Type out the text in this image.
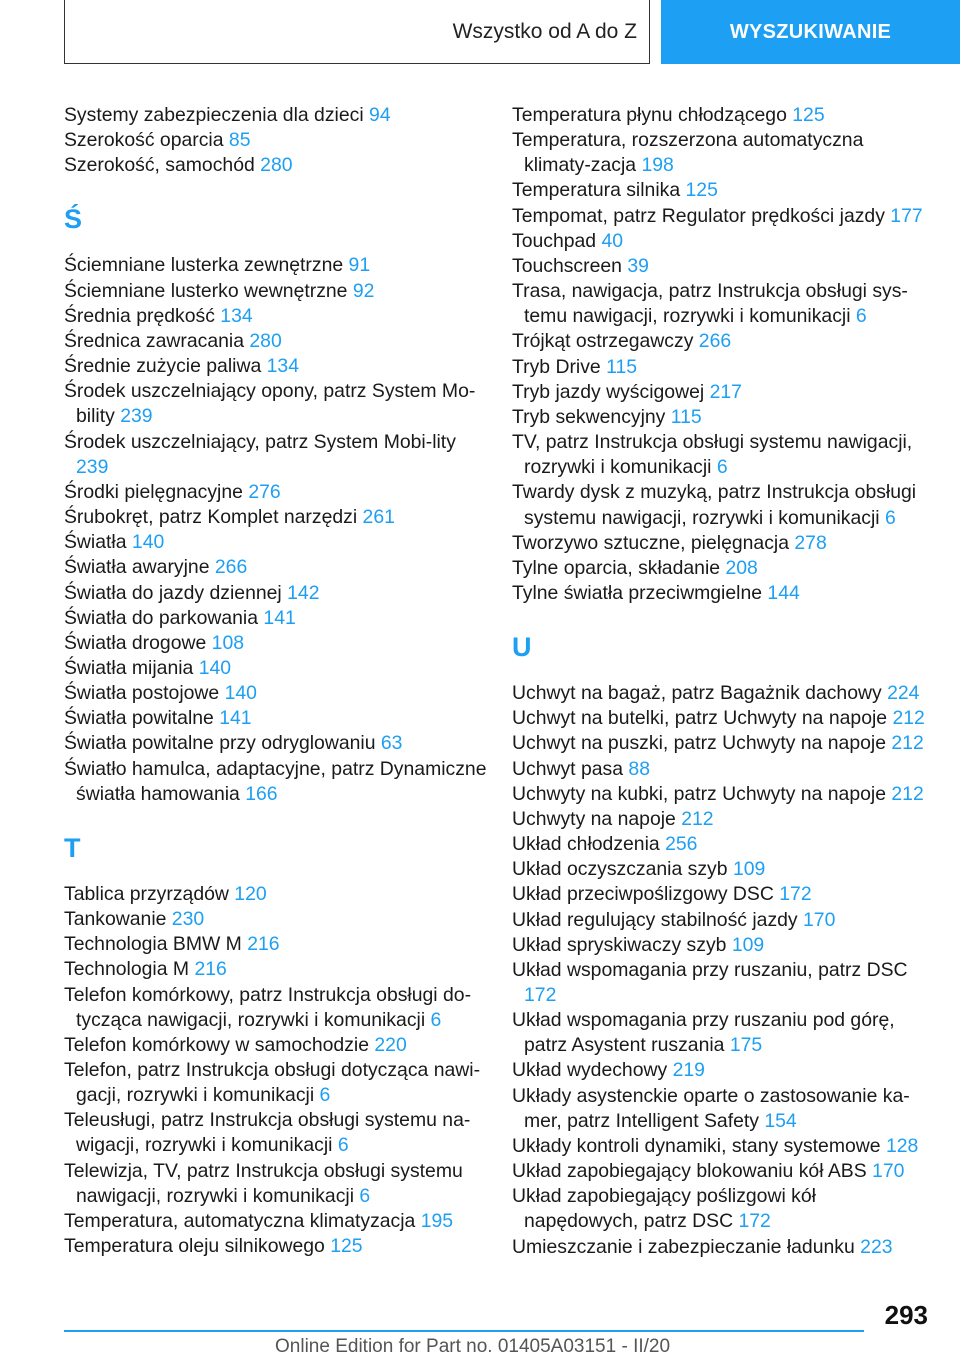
Wszystko od A do Z	WYSZUKIWANIE
Systemy zabezpieczenia dla dzieci 94
Szerokość oparcia 85
Szerokość, samochód 280
Ś
Ściemniane lusterka zewnętrzne 91
Ściemniane lusterko wewnętrzne 92
Średnia prędkość 134
Średnica zawracania 280
Średnie zużycie paliwa 134
Środek uszczelniający opony, patrz System Mo‐bility 239
Środek uszczelniający, patrz System Mobi‐lity 239
Środki pielęgnacyjne 276
Śrubokręt, patrz Komplet narzędzi 261
Światła 140
Światła awaryjne 266
Światła do jazdy dziennej 142
Światła do parkowania 141
Światła drogowe 108
Światła mijania 140
Światła postojowe 140
Światła powitalne 141
Światła powitalne przy odryglowaniu 63
Światło hamulca, adaptacyjne, patrz Dynamiczne światła hamowania 166
T
Tablica przyrządów 120
Tankowanie 230
Technologia BMW M 216
Technologia M 216
Telefon komórkowy, patrz Instrukcja obsługi do‐tycząca nawigacji, rozrywki i komunikacji 6
Telefon komórkowy w samochodzie 220
Telefon, patrz Instrukcja obsługi dotycząca nawi‐gacji, rozrywki i komunikacji 6
Teleusługi, patrz Instrukcja obsługi systemu na‐wigacji, rozrywki i komunikacji 6
Telewizja, TV, patrz Instrukcja obsługi systemu nawigacji, rozrywki i komunikacji 6
Temperatura, automatyczna klimatyzacja 195
Temperatura oleju silnikowego 125
Temperatura płynu chłodzącego 125
Temperatura, rozszerzona automatyczna klimaty‐zacja 198
Temperatura silnika 125
Tempomat, patrz Regulator prędkości jazdy 177
Touchpad 40
Touchscreen 39
Trasa, nawigacja, patrz Instrukcja obsługi sys‐temu nawigacji, rozrywki i komunikacji 6
Trójkąt ostrzegawczy 266
Tryb Drive 115
Tryb jazdy wyścigowej 217
Tryb sekwencyjny 115
TV, patrz Instrukcja obsługi systemu nawigacji, rozrywki i komunikacji 6
Twardy dysk z muzyką, patrz Instrukcja obsługi systemu nawigacji, rozrywki i komunikacji 6
Tworzywo sztuczne, pielęgnacja 278
Tylne oparcia, składanie 208
Tylne światła przeciwmgielne 144
U
Uchwyt na bagaż, patrz Bagażnik dachowy 224
Uchwyt na butelki, patrz Uchwyty na napoje 212
Uchwyt na puszki, patrz Uchwyty na napoje 212
Uchwyt pasa 88
Uchwyty na kubki, patrz Uchwyty na napoje 212
Uchwyty na napoje 212
Układ chłodzenia 256
Układ oczyszczania szyb 109
Układ przeciwpoślizgowy DSC 172
Układ regulujący stabilność jazdy 170
Układ spryskiwaczy szyb 109
Układ wspomagania przy ruszaniu, patrz DSC 172
Układ wspomagania przy ruszaniu pod górę, patrz Asystent ruszania 175
Układ wydechowy 219
Układy asystenckie oparte o zastosowanie ka‐mer, patrz Intelligent Safety 154
Układy kontroli dynamiki, stany systemowe 128
Układ zapobiegający blokowaniu kół ABS 170
Układ zapobiegający poślizgowi kół napędowych, patrz DSC 172
Umieszczanie i zabezpieczanie ładunku 223
293
Online Edition for Part no. 01405A03151 - II/20
